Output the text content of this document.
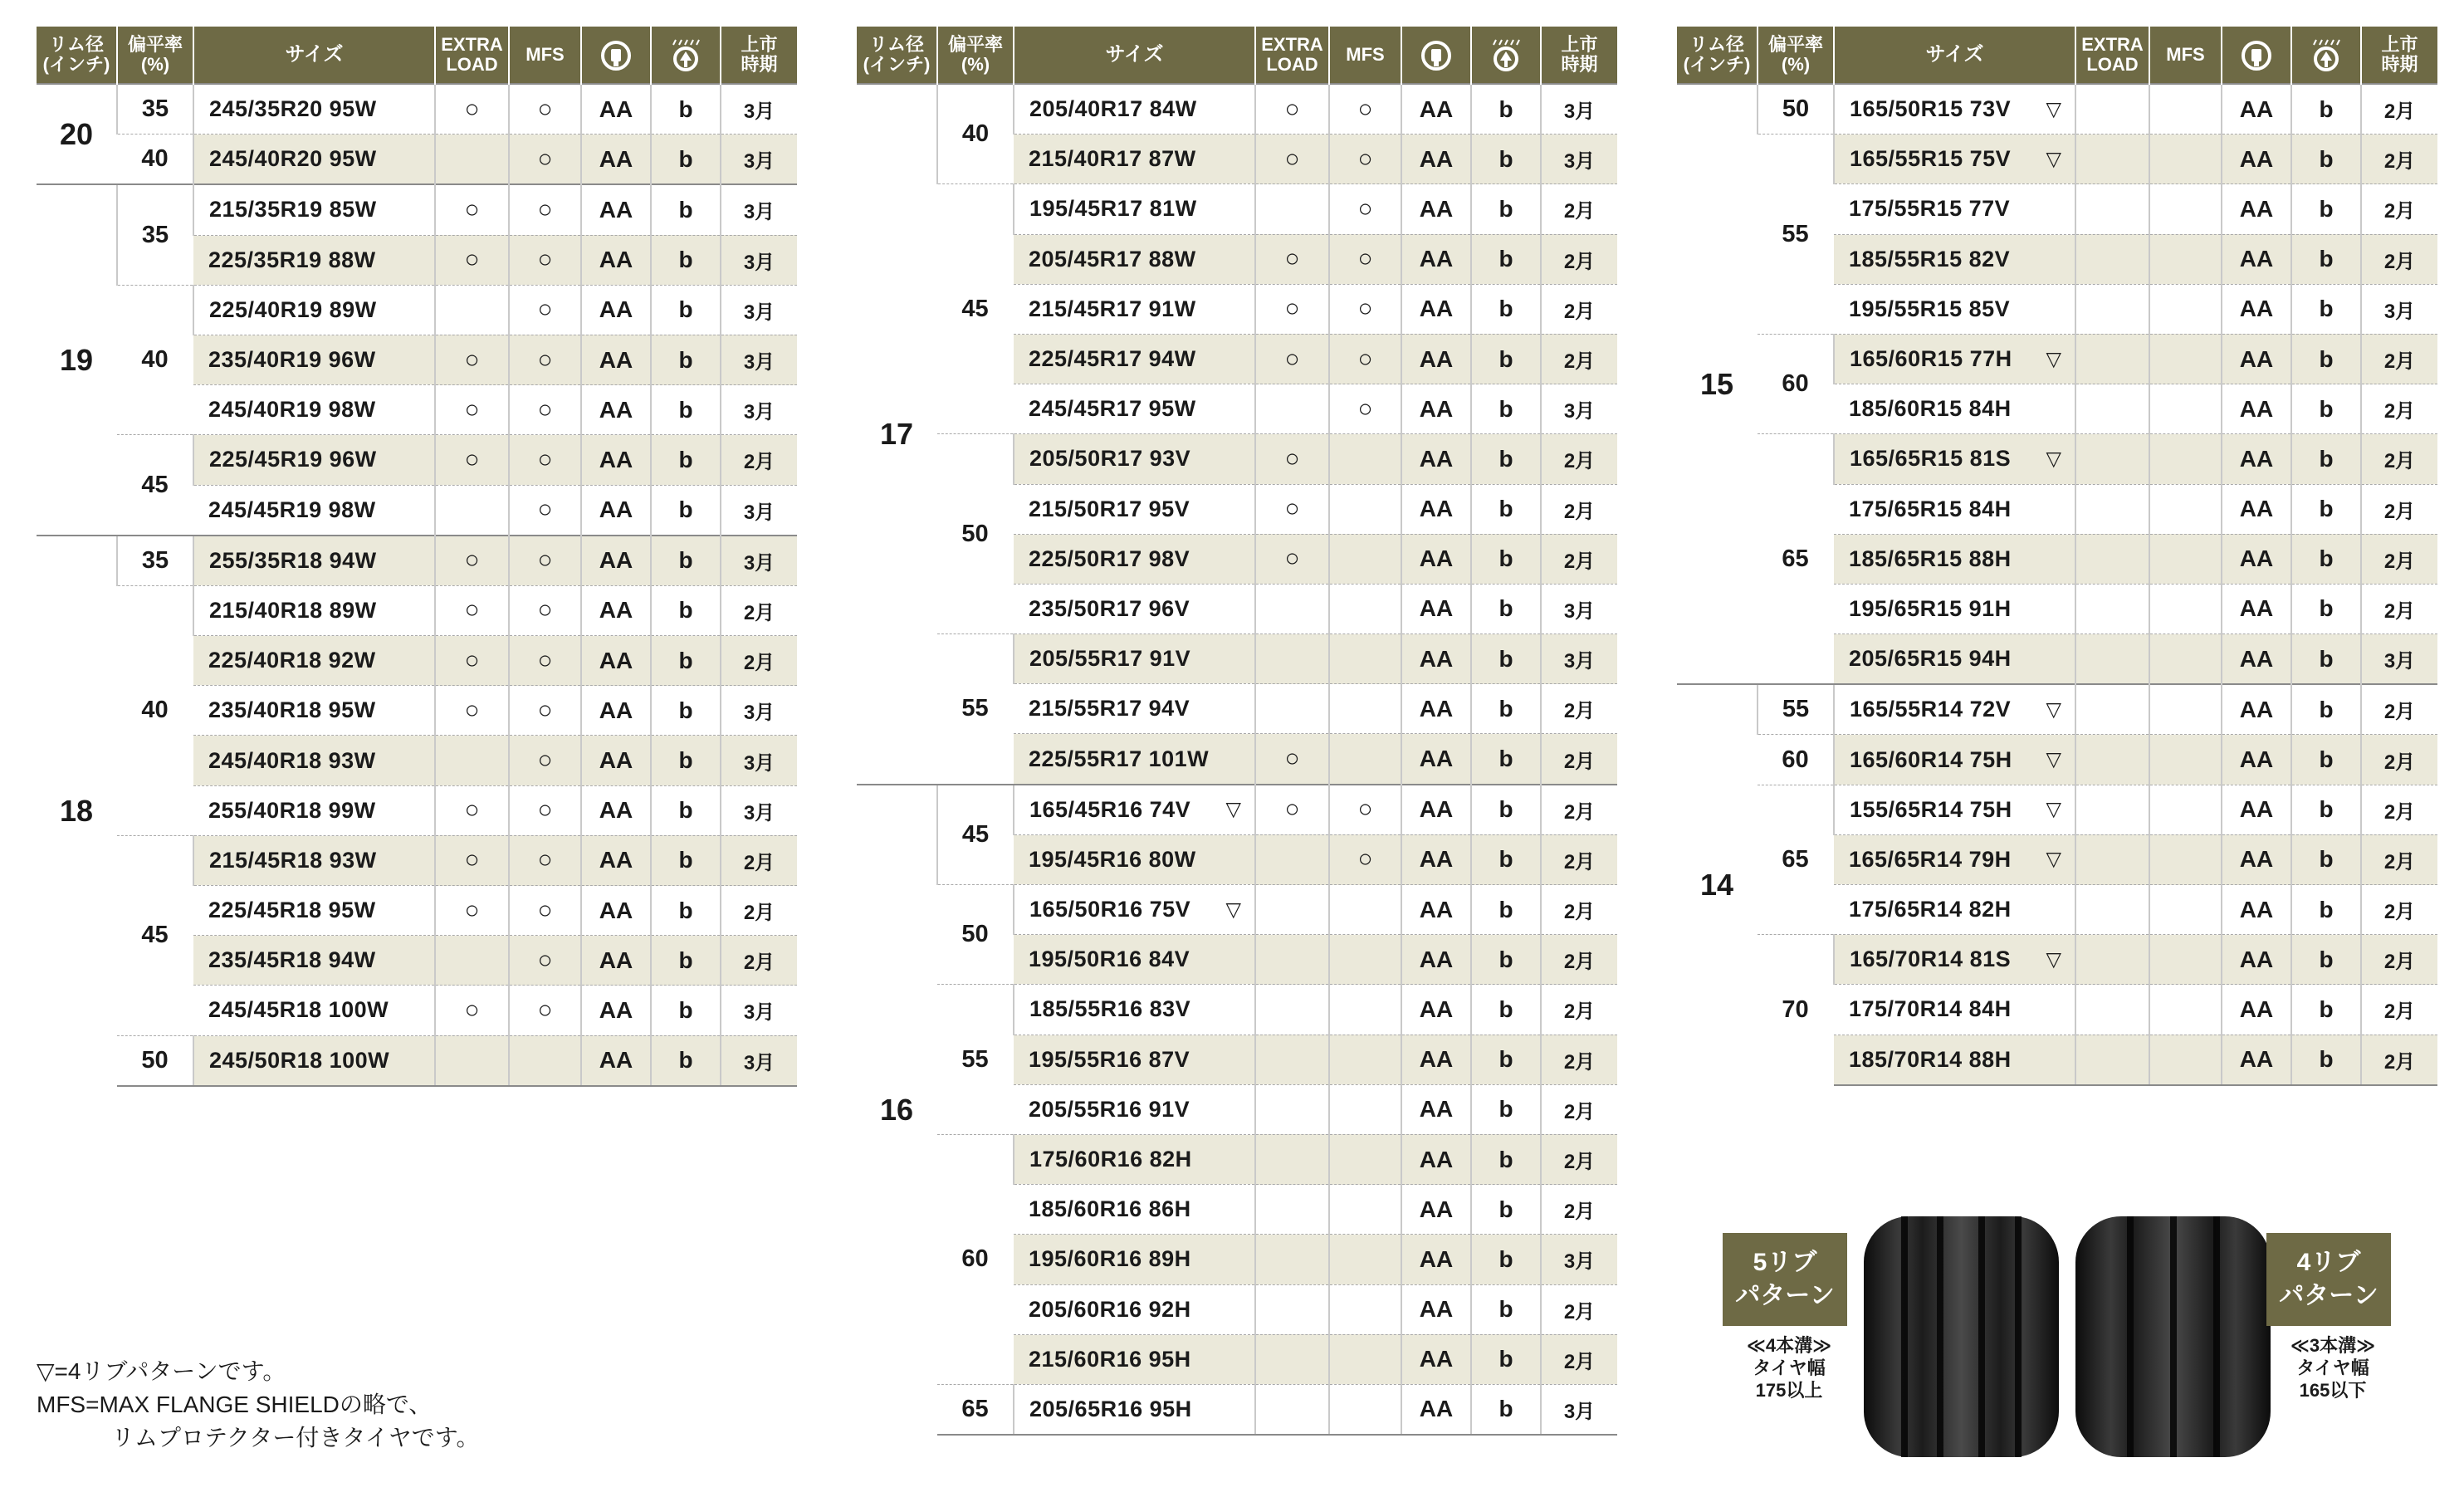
リム径
(インチ)	偏平率
(%)	サイズ	EXTRA
LOAD	MFS			上市
時期
20	35	245/35R20 95W	○	○	AA	b	3月
	40	245/40R20 95W		○	AA	b	3月
19	35	215/35R19 85W	○	○	AA	b	3月
		225/35R19 88W	○	○	AA	b	3月
	40	225/40R19 89W		○	AA	b	3月
		235/40R19 96W	○	○	AA	b	3月
		245/40R19 98W	○	○	AA	b	3月
	45	225/45R19 96W	○	○	AA	b	2月
		245/45R19 98W		○	AA	b	3月
18	35	255/35R18 94W	○	○	AA	b	3月
	40	215/40R18 89W	○	○	AA	b	2月
		225/40R18 92W	○	○	AA	b	2月
		235/40R18 95W	○	○	AA	b	3月
		245/40R18 93W		○	AA	b	3月
		255/40R18 99W	○	○	AA	b	3月
	45	215/45R18 93W	○	○	AA	b	2月
		225/45R18 95W	○	○	AA	b	2月
		235/45R18 94W		○	AA	b	2月
		245/45R18 100W	○	○	AA	b	3月
	50	245/50R18 100W			AA	b	3月
リム径
(インチ)	偏平率
(%)	サイズ	EXTRA
LOAD	MFS			上市
時期
17	40	205/40R17 84W	○	○	AA	b	3月
		215/40R17 87W	○	○	AA	b	3月
	45	195/45R17 81W		○	AA	b	2月
		205/45R17 88W	○	○	AA	b	2月
		215/45R17 91W	○	○	AA	b	2月
		225/45R17 94W	○	○	AA	b	2月
		245/45R17 95W		○	AA	b	3月
	50	205/50R17 93V	○		AA	b	2月
		215/50R17 95V	○		AA	b	2月
		225/50R17 98V	○		AA	b	2月
		235/50R17 96V			AA	b	3月
	55	205/55R17 91V			AA	b	3月
		215/55R17 94V			AA	b	2月
		225/55R17 101W	○		AA	b	2月
16	45	165/45R16 74V ▽	○	○	AA	b	2月
		195/45R16 80W		○	AA	b	2月
	50	165/50R16 75V ▽			AA	b	2月
		195/50R16 84V			AA	b	2月
	55	185/55R16 83V			AA	b	2月
		195/55R16 87V			AA	b	2月
		205/55R16 91V			AA	b	2月
	60	175/60R16 82H			AA	b	2月
		185/60R16 86H			AA	b	2月
		195/60R16 89H			AA	b	3月
		205/60R16 92H			AA	b	2月
		215/60R16 95H			AA	b	2月
	65	205/65R16 95H			AA	b	3月
リム径
(インチ)	偏平率
(%)	サイズ	EXTRA
LOAD	MFS			上市
時期
15	50	165/50R15 73V ▽			AA	b	2月
	55	165/55R15 75V ▽			AA	b	2月
		175/55R15 77V			AA	b	2月
		185/55R15 82V			AA	b	2月
		195/55R15 85V			AA	b	3月
	60	165/60R15 77H ▽			AA	b	2月
		185/60R15 84H			AA	b	2月
	65	165/65R15 81S ▽			AA	b	2月
		175/65R15 84H			AA	b	2月
		185/65R15 88H			AA	b	2月
		195/65R15 91H			AA	b	2月
		205/65R15 94H			AA	b	3月
14	55	165/55R14 72V ▽			AA	b	2月
	60	165/60R14 75H ▽			AA	b	2月
	65	155/65R14 75H ▽			AA	b	2月
		165/65R14 79H ▽			AA	b	2月
		175/65R14 82H			AA	b	2月
	70	165/70R14 81S ▽			AA	b	2月
		175/70R14 84H			AA	b	2月
		185/70R14 88H			AA	b	2月
▽=4リブパターンです。
MFS=MAX FLANGE SHIELDの略で、
リムプロテクター付きタイヤです。
5リブ
パターン
4リブ
パターン
≪4本溝≫
タイヤ幅
175以上
≪3本溝≫
タイヤ幅
165以下
